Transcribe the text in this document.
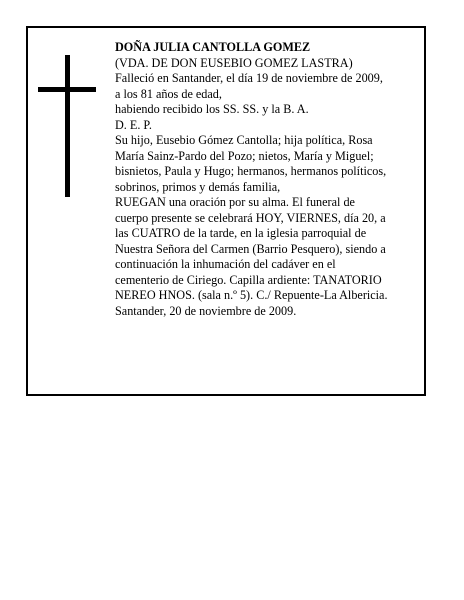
DOÑA JULIA CANTOLLA GOMEZ
(VDA. DE DON EUSEBIO GOMEZ LASTRA)
Falleció en Santander, el día 19 de noviembre de 2009,
a los 81 años de edad,
habiendo recibido los SS. SS. y la B. A.
D. E. P.
Su hijo, Eusebio Gómez Cantolla; hija política, Rosa
María Sainz-Pardo del Pozo; nietos, María y Miguel;
bisnietos, Paula y Hugo; hermanos, hermanos políticos,
sobrinos, primos y demás familia,
RUEGAN una oración por su alma. El funeral de
cuerpo presente se celebrará HOY, VIERNES, día 20, a
las CUATRO de la tarde, en la iglesia parroquial de
Nuestra Señora del Carmen (Barrio Pesquero), siendo a
continuación la inhumación del cadáver en el
cementerio de Ciriego. Capilla ardiente: TANATORIO
NEREO HNOS. (sala n.º 5). C./ Repuente-La Albericia.
Santander, 20 de noviembre de 2009.
